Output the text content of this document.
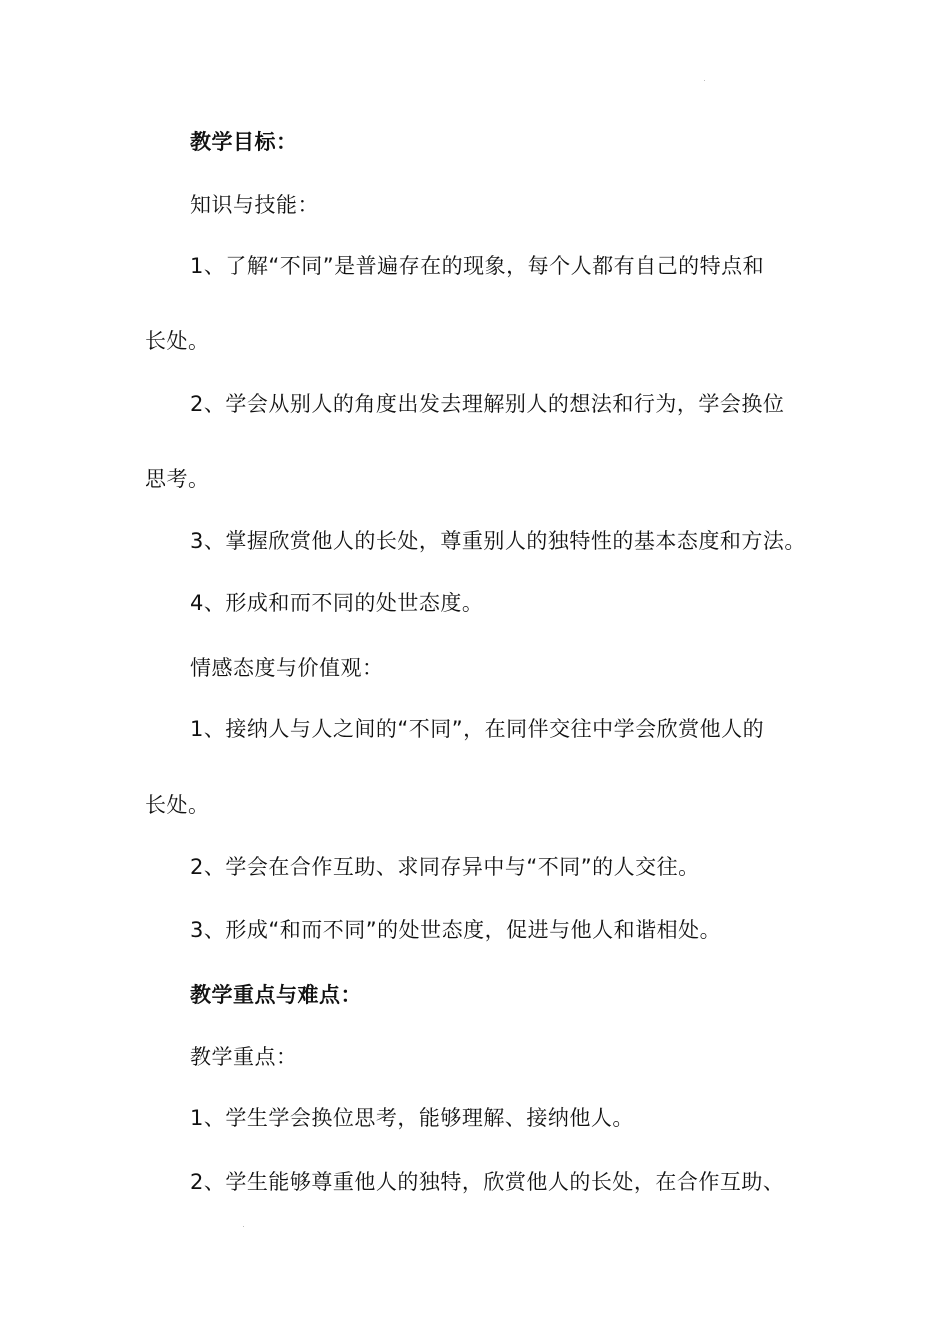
教学目标：
知识与技能：
1、了解“不同”是普遍存在的现象，每个人都有自己的特点和
长处。
2、学会从别人的角度出发去理解别人的想法和行为，学会换位
思考。
3、掌握欣赏他人的长处，尊重别人的独特性的基本态度和方法。
4、形成和而不同的处世态度。
情感态度与价值观：
1、接纳人与人之间的“不同”，在同伴交往中学会欣赏他人的
长处。
2、学会在合作互助、求同存异中与“不同”的人交往。
3、形成“和而不同”的处世态度，促进与他人和谐相处。
教学重点与难点：
教学重点：
1、学生学会换位思考，能够理解、接纳他人。
2、学生能够尊重他人的独特，欣赏他人的长处，在合作互助、
